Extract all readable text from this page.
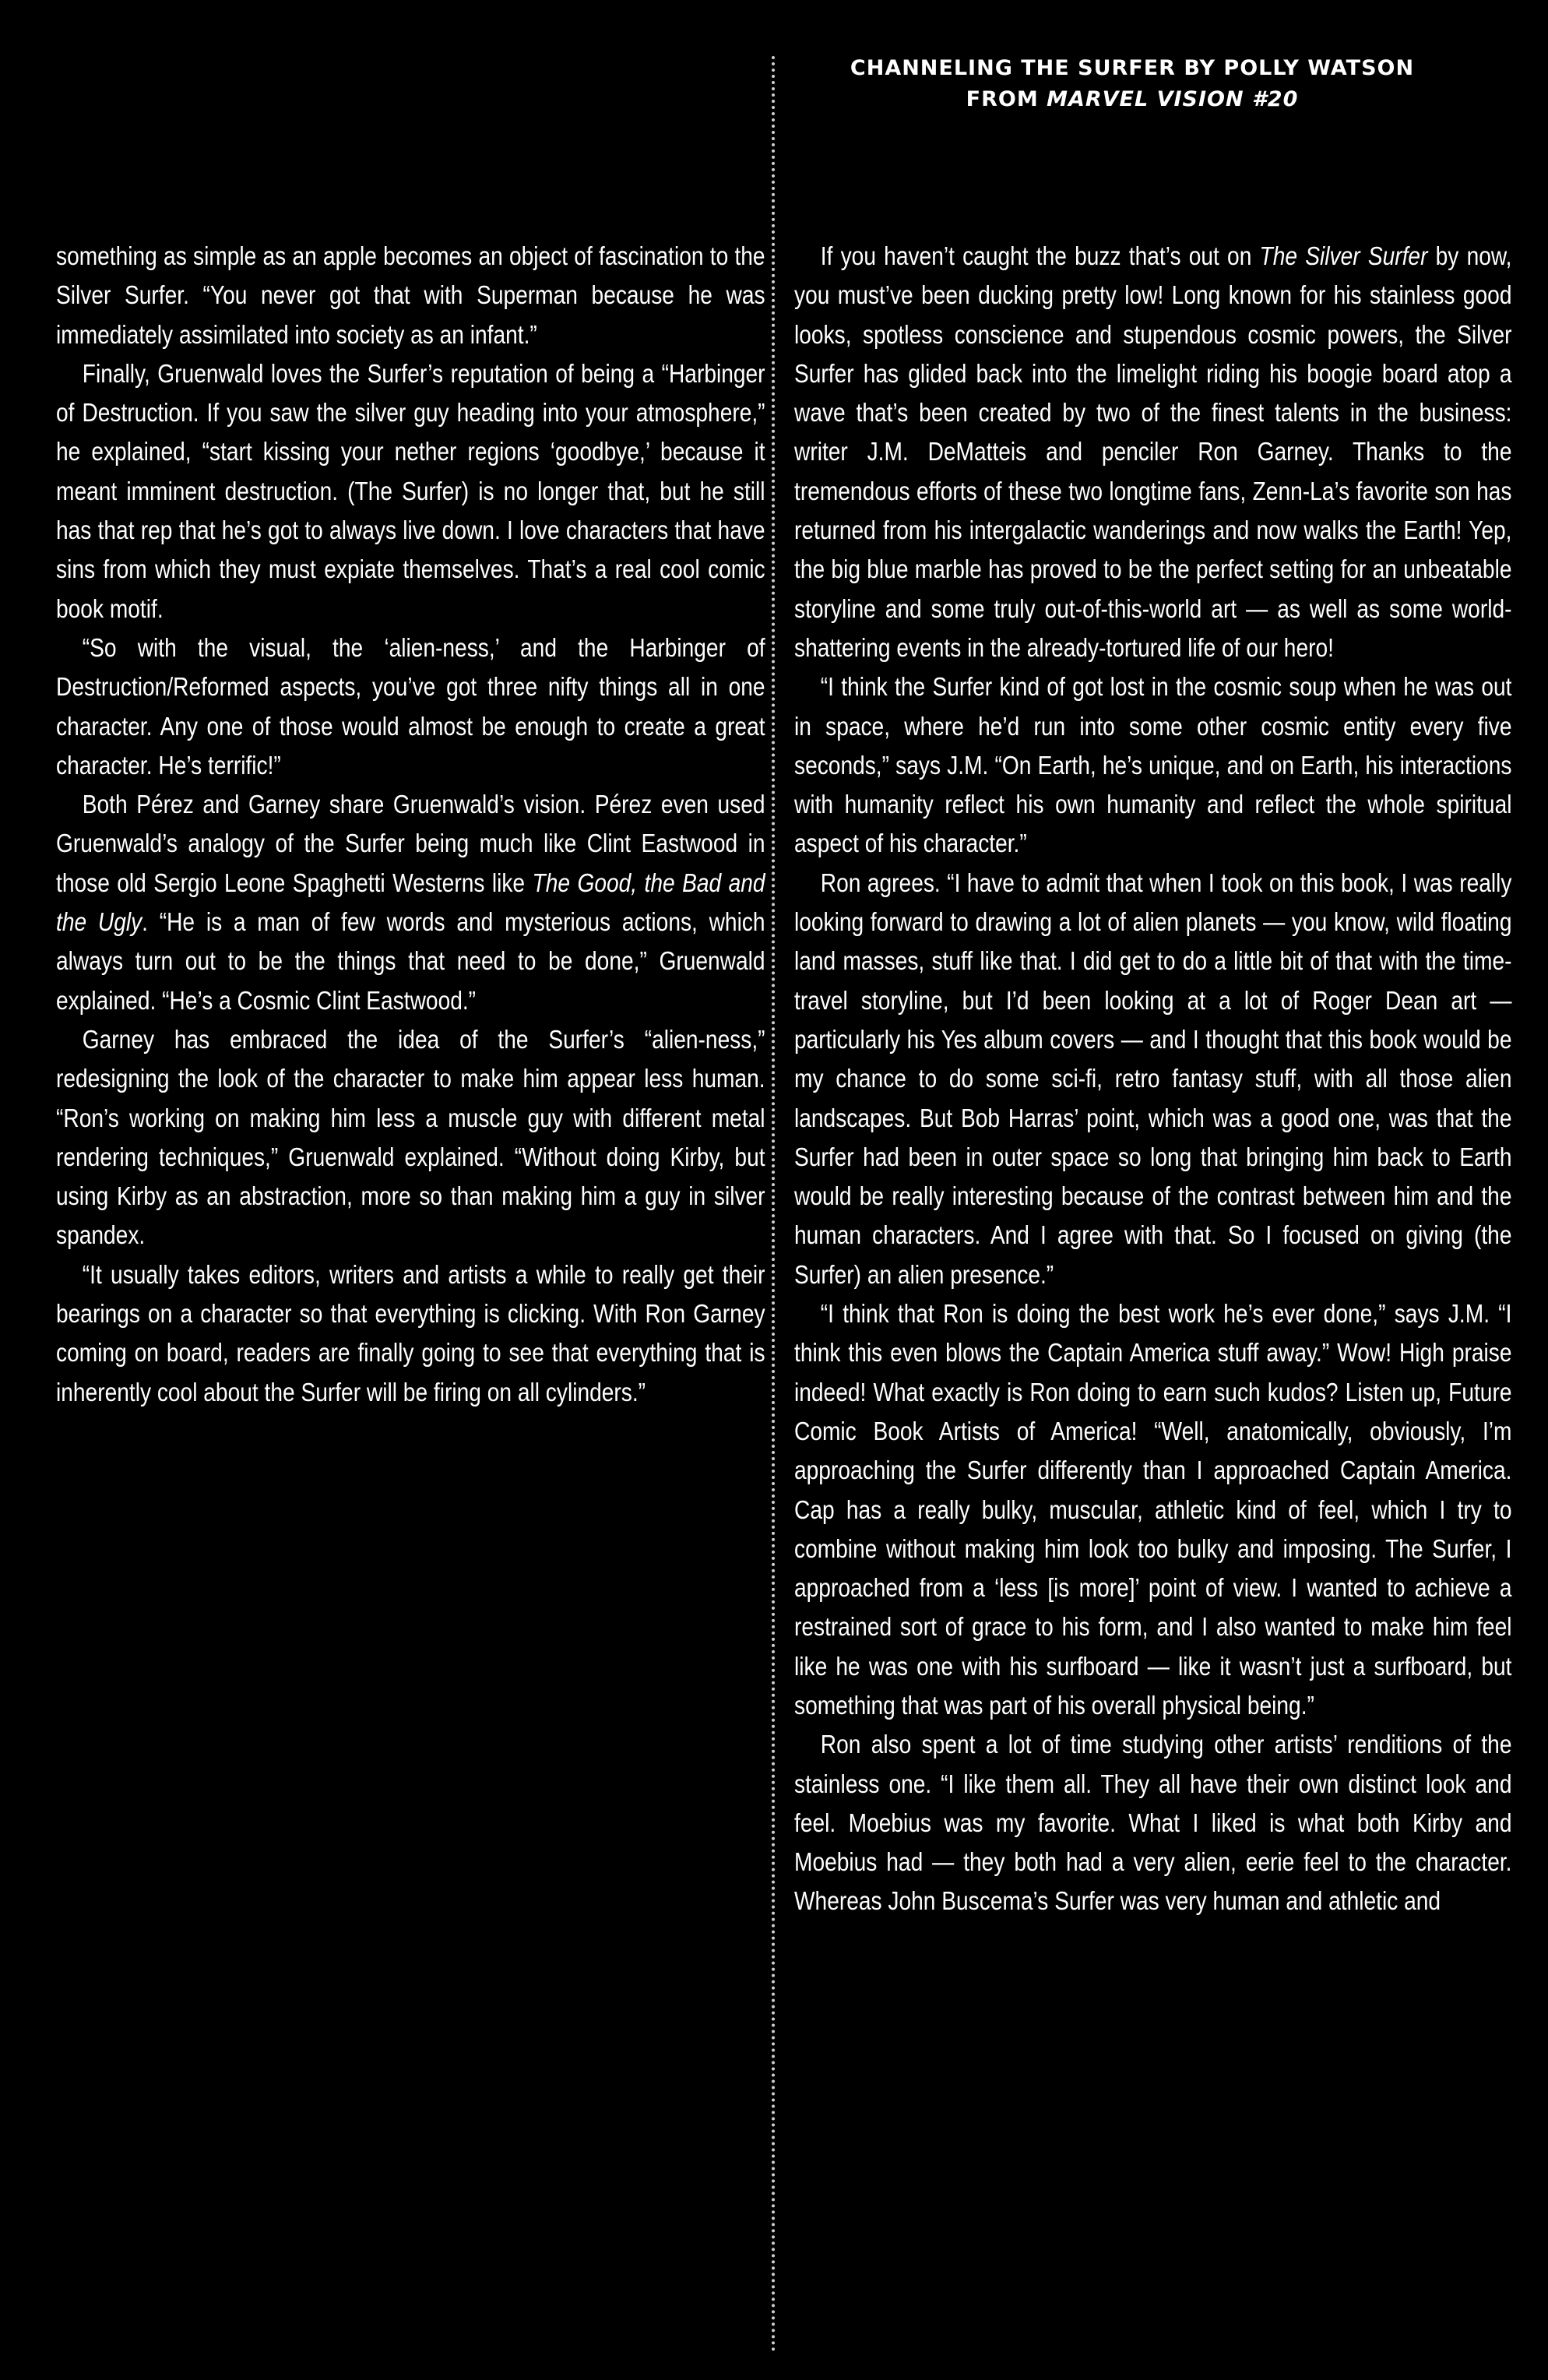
CHANNELING THE SURFER BY POLLY WATSON
FROM MARVEL VISION #20

something as simple as an apple becomes an object of fascination to the Silver Surfer. “You never got that with Superman because he was immediately assimilated into society as an infant.”

Finally, Gruenwald loves the Surfer’s reputation of being a “Harbinger of Destruction. If you saw the silver guy heading into your atmosphere,” he explained, “start kissing your nether regions ‘goodbye,’ because it meant imminent destruction. (The Surfer) is no longer that, but he still has that rep that he’s got to always live down. I love characters that have sins from which they must expiate themselves. That’s a real cool comic book motif.

“So with the visual, the ‘alien-ness,’ and the Harbinger of Destruction/Reformed aspects, you’ve got three nifty things all in one character. Any one of those would almost be enough to create a great character. He’s terrific!”

Both Pérez and Garney share Gruenwald’s vision. Pérez even used Gruenwald’s analogy of the Surfer being much like Clint Eastwood in those old Sergio Leone Spaghetti Westerns like The Good, the Bad and the Ugly. “He is a man of few words and mysterious actions, which always turn out to be the things that need to be done,” Gruenwald explained. “He’s a Cosmic Clint Eastwood.”

Garney has embraced the idea of the Surfer’s “alien-ness,” redesigning the look of the character to make him appear less human. “Ron’s working on making him less a muscle guy with different metal rendering techniques,” Gruenwald explained. “Without doing Kirby, but using Kirby as an abstraction, more so than making him a guy in silver spandex.

“It usually takes editors, writers and artists a while to really get their bearings on a character so that everything is clicking. With Ron Garney coming on board, readers are finally going to see that everything that is inherently cool about the Surfer will be firing on all cylinders.”

If you haven’t caught the buzz that’s out on The Silver Surfer by now, you must’ve been ducking pretty low! Long known for his stainless good looks, spotless conscience and stupendous cosmic powers, the Silver Surfer has glided back into the limelight riding his boogie board atop a wave that’s been created by two of the finest talents in the business: writer J.M. DeMatteis and penciler Ron Garney. Thanks to the tremendous efforts of these two longtime fans, Zenn-La’s favorite son has returned from his intergalactic wanderings and now walks the Earth! Yep, the big blue marble has proved to be the perfect setting for an unbeatable storyline and some truly out-of-this-world art — as well as some world-shattering events in the already-tortured life of our hero!

“I think the Surfer kind of got lost in the cosmic soup when he was out in space, where he’d run into some other cosmic entity every five seconds,” says J.M. “On Earth, he’s unique, and on Earth, his interactions with humanity reflect his own humanity and reflect the whole spiritual aspect of his character.”

Ron agrees. “I have to admit that when I took on this book, I was really looking forward to drawing a lot of alien planets — you know, wild floating land masses, stuff like that. I did get to do a little bit of that with the time-travel storyline, but I’d been looking at a lot of Roger Dean art — particularly his Yes album covers — and I thought that this book would be my chance to do some sci-fi, retro fantasy stuff, with all those alien landscapes. But Bob Harras’ point, which was a good one, was that the Surfer had been in outer space so long that bringing him back to Earth would be really interesting because of the contrast between him and the human characters. And I agree with that. So I focused on giving (the Surfer) an alien presence.”

“I think that Ron is doing the best work he’s ever done,” says J.M. “I think this even blows the Captain America stuff away.” Wow! High praise indeed! What exactly is Ron doing to earn such kudos? Listen up, Future Comic Book Artists of America! “Well, anatomically, obviously, I’m approaching the Surfer differently than I approached Captain America. Cap has a really bulky, muscular, athletic kind of feel, which I try to combine without making him look too bulky and imposing. The Surfer, I approached from a ‘less [is more]’ point of view. I wanted to achieve a restrained sort of grace to his form, and I also wanted to make him feel like he was one with his surfboard — like it wasn’t just a surfboard, but something that was part of his overall physical being.”

Ron also spent a lot of time studying other artists’ renditions of the stainless one. “I like them all. They all have their own distinct look and feel. Moebius was my favorite. What I liked is what both Kirby and Moebius had — they both had a very alien, eerie feel to the character. Whereas John Buscema’s Surfer was very human and athletic and
